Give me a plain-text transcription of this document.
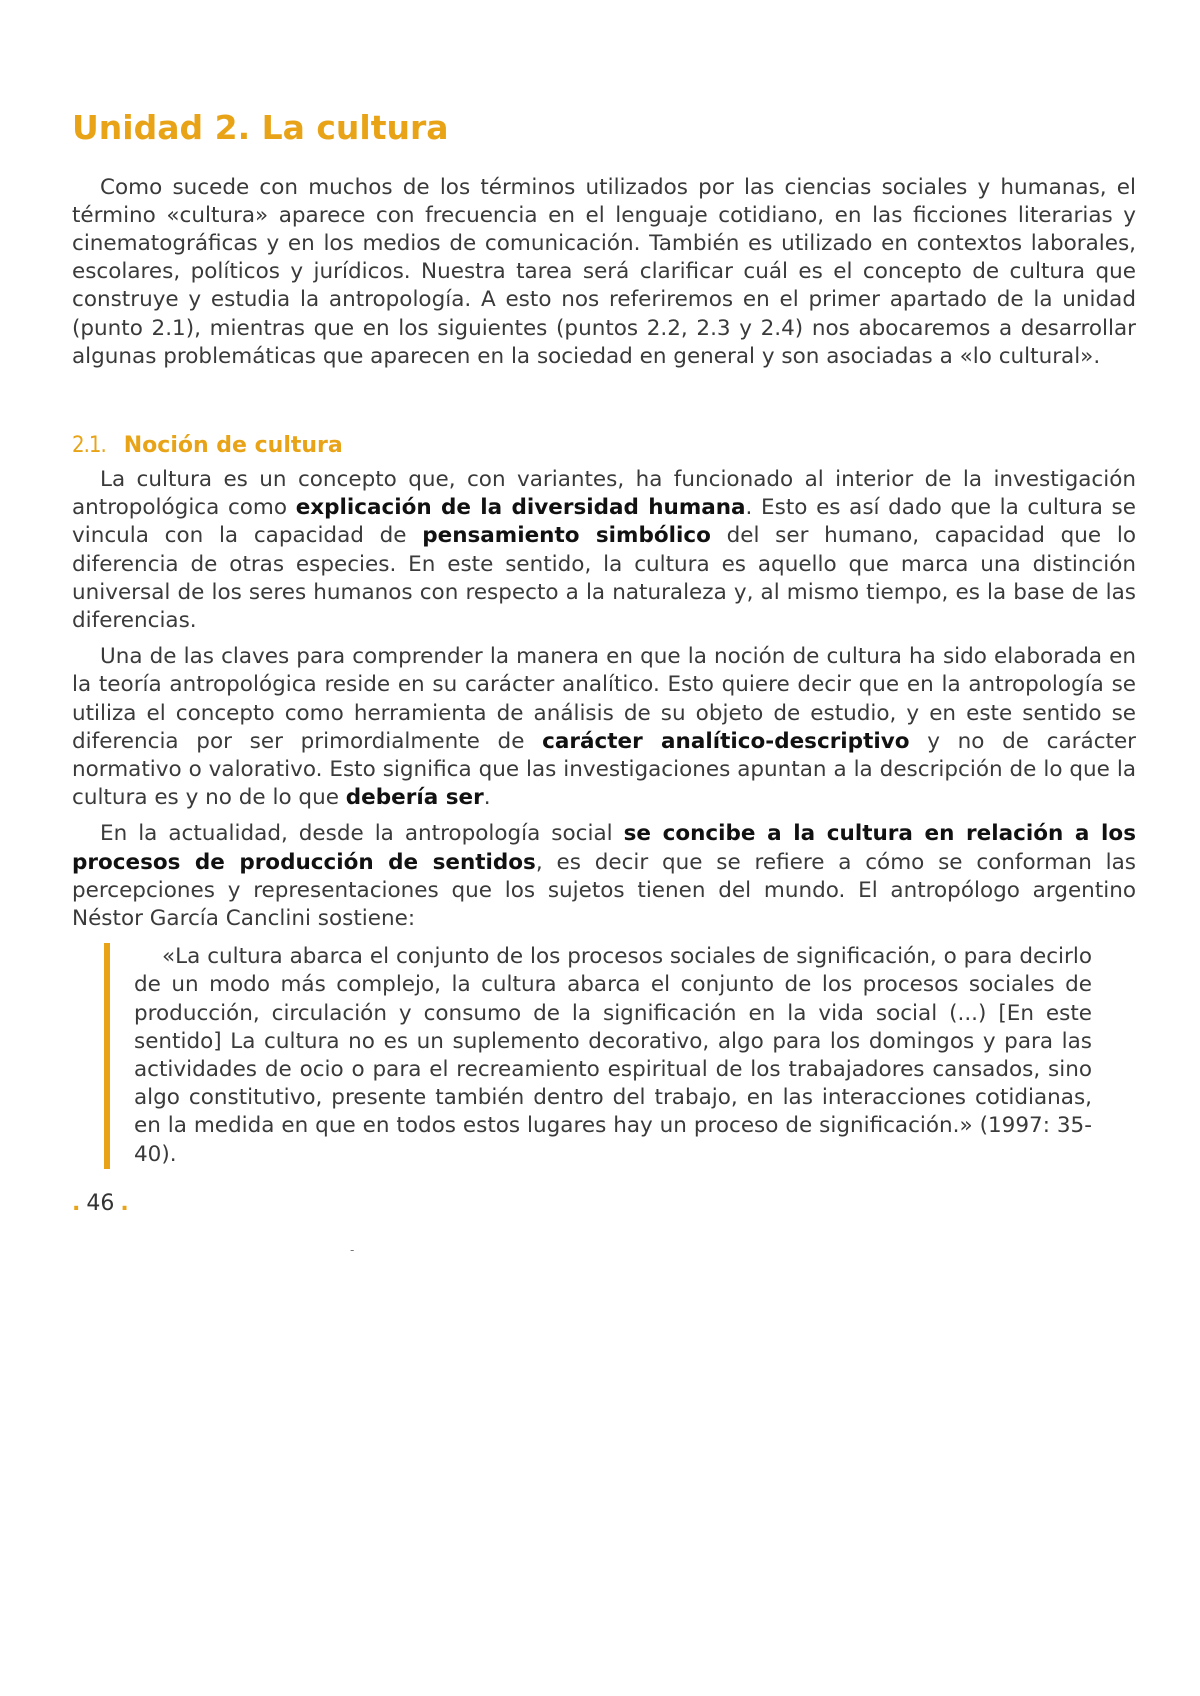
Unidad 2. La cultura

Como sucede con muchos de los términos utilizados por las ciencias sociales y humanas, el término «cultura» aparece con frecuencia en el lenguaje cotidiano, en las ficciones literarias y cinematográficas y en los medios de comunicación. También es utilizado en contextos laborales, escolares, políticos y jurídicos. Nuestra tarea será clarificar cuál es el concepto de cultura que construye y estudia la antropología. A esto nos referiremos en el primer apartado de la unidad (punto 2.1), mientras que en los siguientes (puntos 2.2, 2.3 y 2.4) nos abocaremos a desarrollar algunas problemáticas que aparecen en la sociedad en general y son asociadas a «lo cultural».

2.1. Noción de cultura

La cultura es un concepto que, con variantes, ha funcionado al interior de la investigación antropológica como explicación de la diversidad humana. Esto es así dado que la cultura se vincula con la capacidad de pensamiento simbólico del ser humano, capacidad que lo diferencia de otras especies. En este sentido, la cultura es aquello que marca una distinción universal de los seres humanos con respecto a la naturaleza y, al mismo tiempo, es la base de las diferencias.

Una de las claves para comprender la manera en que la noción de cultura ha sido elaborada en la teoría antropológica reside en su carácter analítico. Esto quiere decir que en la antropología se utiliza el concepto como herramienta de análisis de su objeto de estudio, y en este sentido se diferencia por ser primordialmente de carácter analítico-descriptivo y no de carácter normativo o valorativo. Esto significa que las investigaciones apuntan a la descripción de lo que la cultura es y no de lo que debería ser.

En la actualidad, desde la antropología social se concibe a la cultura en relación a los procesos de producción de sentidos, es decir que se refiere a cómo se conforman las percepciones y representaciones que los sujetos tienen del mundo. El antropólogo argentino Néstor García Canclini sostiene:

«La cultura abarca el conjunto de los procesos sociales de significación, o para decirlo de un modo más complejo, la cultura abarca el conjunto de los procesos sociales de producción, circulación y consumo de la significación en la vida social (...) [En este sentido] La cultura no es un suplemento decorativo, algo para los domingos y para las actividades de ocio o para el recreamiento espiritual de los trabajadores cansados, sino algo constitutivo, presente también dentro del trabajo, en las interacciones cotidianas, en la medida en que en todos estos lugares hay un proceso de significación.» (1997: 35-40).

. 46 .
-
